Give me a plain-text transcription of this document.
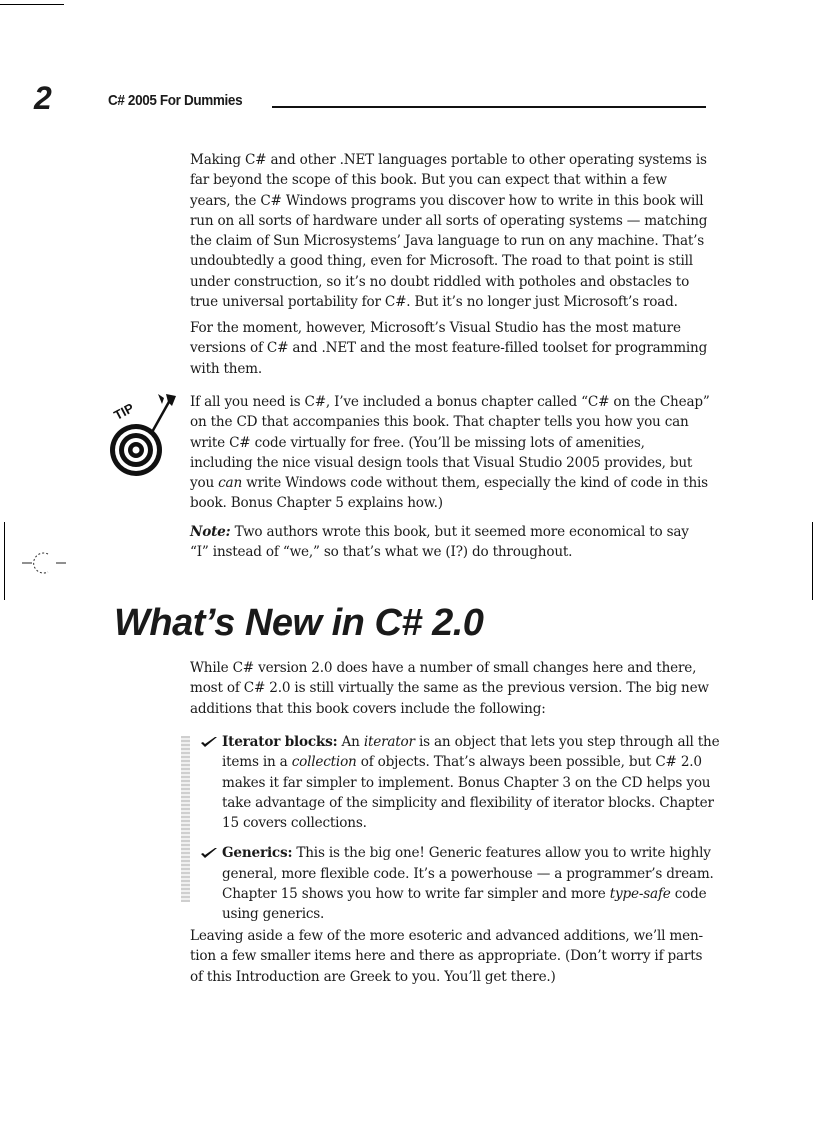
2	C# 2005 For Dummies

Making C# and other .NET languages portable to other operating systems is far beyond the scope of this book. But you can expect that within a few years, the C# Windows programs you discover how to write in this book will run on all sorts of hardware under all sorts of operating systems — matching the claim of Sun Microsystems’ Java language to run on any machine. That’s undoubtedly a good thing, even for Microsoft. The road to that point is still under construction, so it’s no doubt riddled with potholes and obstacles to true universal portability for C#. But it’s no longer just Microsoft’s road.

For the moment, however, Microsoft’s Visual Studio has the most mature versions of C# and .NET and the most feature-filled toolset for programming with them.

TIP	If all you need is C#, I’ve included a bonus chapter called “C# on the Cheap” on the CD that accompanies this book. That chapter tells you how you can write C# code virtually for free. (You’ll be missing lots of amenities, including the nice visual design tools that Visual Studio 2005 provides, but you can write Windows code without them, especially the kind of code in this book. Bonus Chapter 5 explains how.)

Note: Two authors wrote this book, but it seemed more economical to say “I” instead of “we,” so that’s what we (I?) do throughout.

What’s New in C# 2.0

While C# version 2.0 does have a number of small changes here and there, most of C# 2.0 is still virtually the same as the previous version. The big new additions that this book covers include the following:

Iterator blocks: An iterator is an object that lets you step through all the items in a collection of objects. That’s always been possible, but C# 2.0 makes it far simpler to implement. Bonus Chapter 3 on the CD helps you take advantage of the simplicity and flexibility of iterator blocks. Chapter 15 covers collections.
Generics: This is the big one! Generic features allow you to write highly general, more flexible code. It’s a powerhouse — a programmer’s dream. Chapter 15 shows you how to write far simpler and more type-safe code using generics.

Leaving aside a few of the more esoteric and advanced additions, we’ll men-tion a few smaller items here and there as appropriate. (Don’t worry if parts of this Introduction are Greek to you. You’ll get there.)
